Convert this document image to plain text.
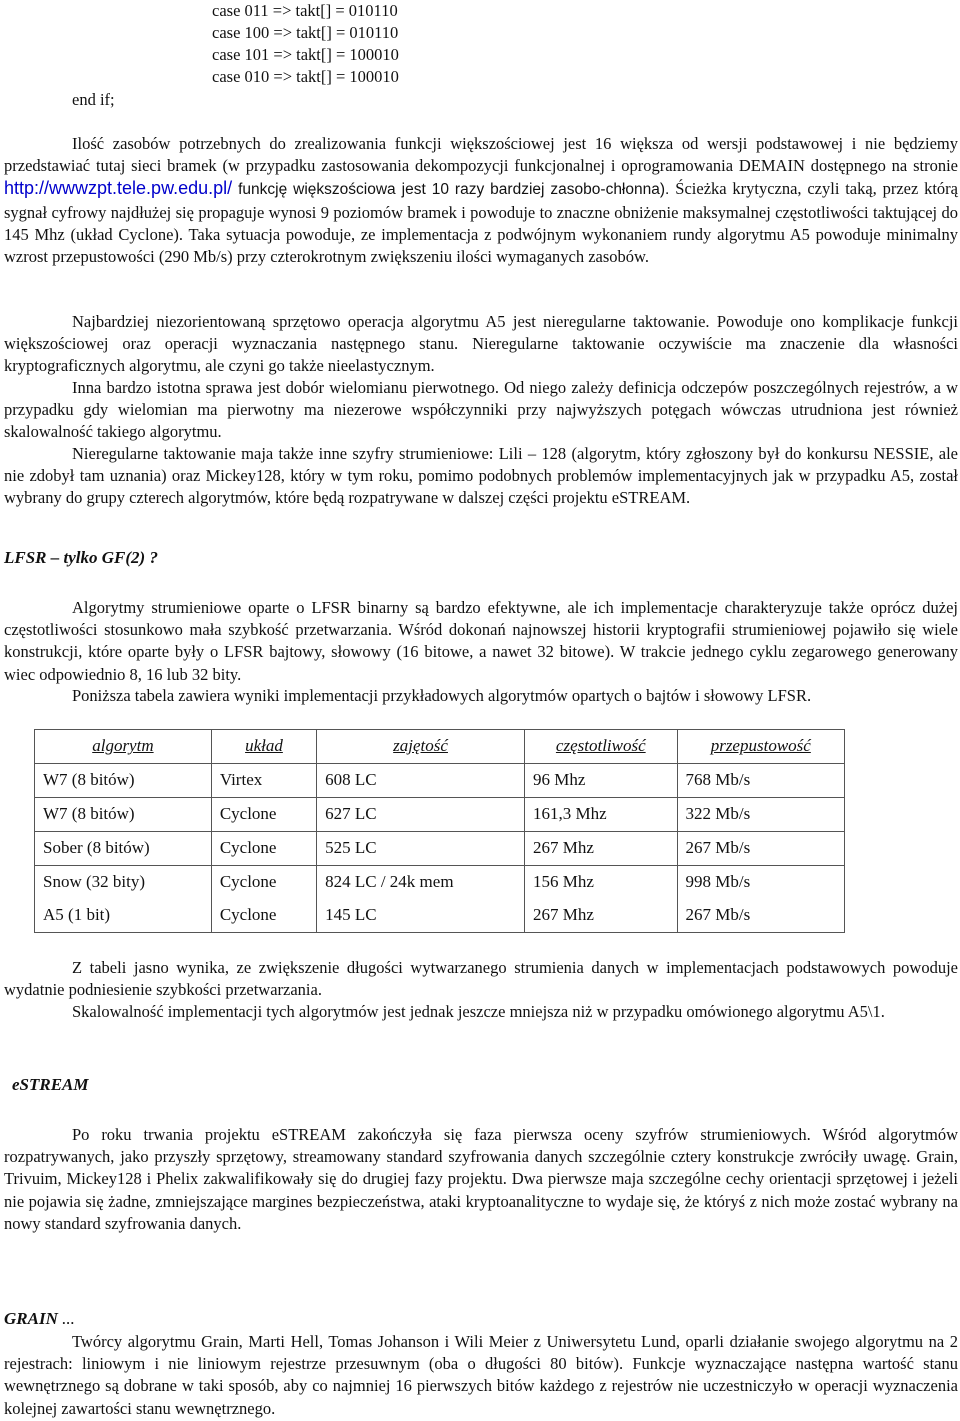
case 011 => takt[] = 010110
case 100 => takt[] = 010110
case 101 => takt[] = 100010
case 010 => takt[] = 100010
end if;

Ilość zasobów potrzebnych do zrealizowania funkcji większościowej jest 16 większa od wersji podstawowej i nie będziemy przedstawiać tutaj sieci bramek (w przypadku zastosowania dekompozycji funkcjonalnej i oprogramowania DEMAIN dostępnego na stronie http://wwwzpt.tele.pw.edu.pl/ funkcję większościowa jest 10 razy bardziej zasobo-chłonna). Ścieżka krytyczna, czyli taką, przez którą sygnał cyfrowy najdłużej się propaguje wynosi 9 poziomów bramek i powoduje to znaczne obniżenie maksymalnej częstotliwości taktującej do 145 Mhz (układ Cyclone). Taka sytuacja powoduje, ze implementacja z podwójnym wykonaniem rundy algorytmu A5 powoduje minimalny wzrost przepustowości (290 Mb/s) przy czterokrotnym zwiększeniu ilości wymaganych zasobów.

Najbardziej niezorientowaną sprzętowo operacja algorytmu A5 jest nieregularne taktowanie. Powoduje ono komplikacje funkcji większościowej oraz operacji wyznaczania następnego stanu. Nieregularne taktowanie oczywiście ma znaczenie dla własności kryptograficznych algorytmu, ale czyni go także nieelastycznym.

Inna bardzo istotna sprawa jest dobór wielomianu pierwotnego. Od niego zależy definicja odczepów poszczególnych rejestrów, a w przypadku gdy wielomian ma pierwotny ma niezerowe współczynniki przy najwyższych potęgach wówczas utrudniona jest również skalowalność takiego algorytmu.

Nieregularne taktowanie maja także inne szyfry strumieniowe: Lili – 128 (algorytm, który zgłoszony był do konkursu NESSIE, ale nie zdobył tam uznania) oraz Mickey128, który w tym roku, pomimo podobnych problemów implementacyjnych jak w przypadku A5, został wybrany do grupy czterech algorytmów, które będą rozpatrywane w dalszej części projektu eSTREAM.

LFSR – tylko GF(2) ?

Algorytmy strumieniowe oparte o LFSR binarny są bardzo efektywne, ale ich implementacje charakteryzuje także oprócz dużej częstotliwości stosunkowo mała szybkość przetwarzania. Wśród dokonań najnowszej historii kryptografii strumieniowej pojawiło się wiele konstrukcji, które oparte były o LFSR bajtowy, słowowy (16 bitowe, a nawet 32 bitowe). W trakcie jednego cyklu zegarowego generowany wiec odpowiednio 8, 16 lub 32 bity.

Poniższa tabela zawiera wyniki implementacji przykładowych algorytmów opartych o bajtów i słowowy LFSR.

algorytm	układ	zajętość	częstotliwość	przepustowość
W7 (8 bitów)	Virtex	608 LC	96 Mhz	768 Mb/s
W7 (8 bitów)	Cyclone	627 LC	161,3 Mhz	322 Mb/s
Sober (8 bitów)	Cyclone	525 LC	267 Mhz	267 Mb/s
Snow (32 bity)	Cyclone	824 LC / 24k mem	156 Mhz	998 Mb/s
A5 (1 bit)	Cyclone	145 LC	267 Mhz	267 Mb/s

Z tabeli jasno wynika, ze zwiększenie długości wytwarzanego strumienia danych w implementacjach podstawowych powoduje wydatnie podniesienie szybkości przetwarzania.

Skalowalność implementacji tych algorytmów jest jednak jeszcze mniejsza niż w przypadku omówionego algorytmu A5\1.

eSTREAM

Po roku trwania projektu eSTREAM zakończyła się faza pierwsza oceny szyfrów strumieniowych. Wśród algorytmów rozpatrywanych, jako przyszły sprzętowy, streamowany standard szyfrowania danych szczególnie cztery konstrukcje zwróciły uwagę. Grain, Trivuim, Mickey128 i Phelix zakwalifikowały się do drugiej fazy projektu. Dwa pierwsze maja szczególne cechy orientacji sprzętowej i jeżeli nie pojawia się żadne, zmniejszające margines bezpieczeństwa, ataki kryptoanalityczne to wydaje się, że któryś z nich może zostać wybrany na nowy standard szyfrowania danych.

GRAIN ...

Twórcy algorytmu Grain, Marti Hell, Tomas Johanson i Wili Meier z Uniwersytetu Lund, oparli działanie swojego algorytmu na 2 rejestrach: liniowym i nie liniowym rejestrze przesuwnym (oba o długości 80 bitów). Funkcje wyznaczające następna wartość stanu wewnętrznego są dobrane w taki sposób, aby co najmniej 16 pierwszych bitów każdego z rejestrów nie uczestniczyło w operacji wyznaczenia kolejnej zawartości stanu wewnętrznego.
